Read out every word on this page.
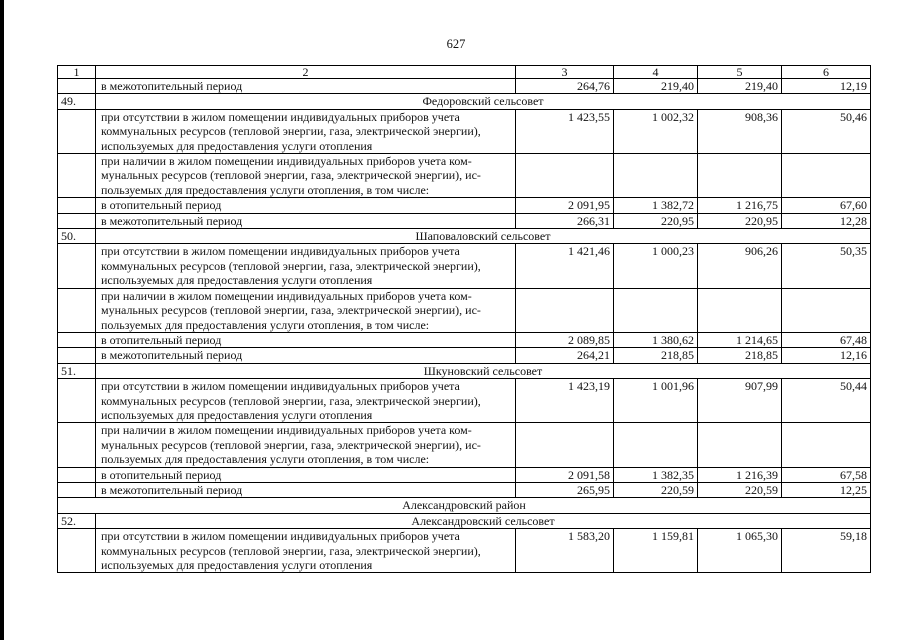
627
1	2	3	4	5	6
	в межотопительный период	264,76	219,40	219,40	12,19
49.	Федоровский сельсовет				

	при отсутствии в жилом помещении индивидуальных приборов учета
коммунальных ресурсов (тепловой энергии, газа, электрической энергии),
используемых для предоставления услуги отопления	1 423,55	1 002,32	908,36	50,46

	при наличии в жилом помещении индивидуальных приборов учета ком-
мунальных ресурсов (тепловой энергии, газа, электрической энергии), ис-
пользуемых для предоставления услуги отопления, в том числе:				

	в отопительный период	2 091,95	1 382,72	1 216,75	67,60
	в межотопительный период	266,31	220,95	220,95	12,28
50.	Шаповаловский сельсовет				

	при отсутствии в жилом помещении индивидуальных приборов учета
коммунальных ресурсов (тепловой энергии, газа, электрической энергии),
используемых для предоставления услуги отопления	1 421,46	1 000,23	906,26	50,35

	при наличии в жилом помещении индивидуальных приборов учета ком-
мунальных ресурсов (тепловой энергии, газа, электрической энергии), ис-
пользуемых для предоставления услуги отопления, в том числе:				

	в отопительный период	2 089,85	1 380,62	1 214,65	67,48
	в межотопительный период	264,21	218,85	218,85	12,16
51.	Шкуновский сельсовет				

	при отсутствии в жилом помещении индивидуальных приборов учета
коммунальных ресурсов (тепловой энергии, газа, электрической энергии),
используемых для предоставления услуги отопления	1 423,19	1 001,96	907,99	50,44

	при наличии в жилом помещении индивидуальных приборов учета ком-
мунальных ресурсов (тепловой энергии, газа, электрической энергии), ис-
пользуемых для предоставления услуги отопления, в том числе:				

	в отопительный период	2 091,58	1 382,35	1 216,39	67,58
	в межотопительный период	265,95	220,59	220,59	12,25
Александровский район					
52.	Александровский сельсовет				

	при отсутствии в жилом помещении индивидуальных приборов учета
коммунальных ресурсов (тепловой энергии, газа, электрической энергии),
используемых для предоставления услуги отопления	1 583,20	1 159,81	1 065,30	59,18
